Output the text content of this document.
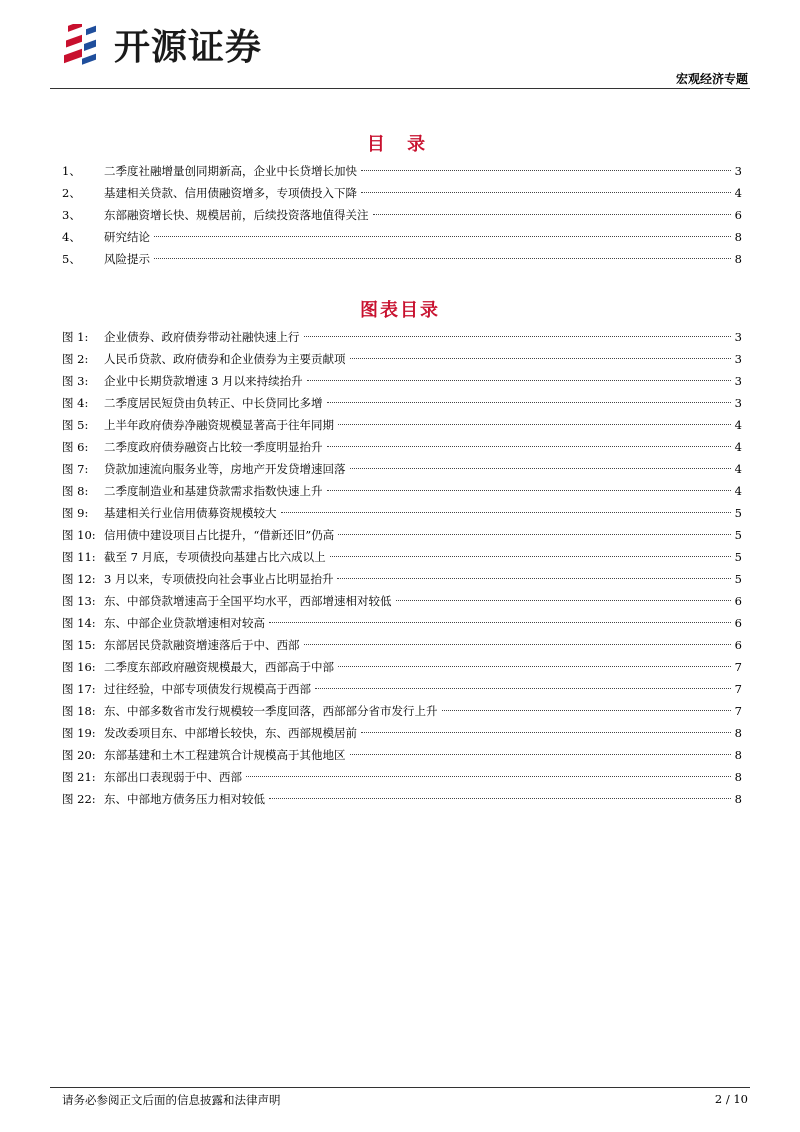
开源证券
宏观经济专题
目 录
1、	二季度社融增量创同期新高，企业中长贷增长加快	3
2、	基建相关贷款、信用债融资增多，专项债投入下降	4
3、	东部融资增长快、规模居前，后续投资落地值得关注	6
4、	研究结论	8
5、	风险提示	8
图表目录
图 1:	企业债券、政府债券带动社融快速上行	3
图 2:	人民币贷款、政府债券和企业债券为主要贡献项	3
图 3:	企业中长期贷款增速 3 月以来持续抬升	3
图 4:	二季度居民短贷由负转正、中长贷同比多增	3
图 5:	上半年政府债券净融资规模显著高于往年同期	4
图 6:	二季度政府债券融资占比较一季度明显抬升	4
图 7:	贷款加速流向服务业等，房地产开发贷增速回落	4
图 8:	二季度制造业和基建贷款需求指数快速上升	4
图 9:	基建相关行业信用债募资规模较大	5
图 10: 信用债中建设项目占比提升，“借新还旧”仍高	5
图 11: 截至 7 月底，专项债投向基建占比六成以上	5
图 12: 3 月以来，专项债投向社会事业占比明显抬升	5
图 13: 东、中部贷款增速高于全国平均水平，西部增速相对较低	6
图 14: 东、中部企业贷款增速相对较高	6
图 15: 东部居民贷款融资增速落后于中、西部	6
图 16: 二季度东部政府融资规模最大，西部高于中部	7
图 17: 过往经验，中部专项债发行规模高于西部	7
图 18: 东、中部多数省市发行规模较一季度回落，西部部分省市发行上升	7
图 19: 发改委项目东、中部增长较快，东、西部规模居前	8
图 20: 东部基建和土木工程建筑合计规模高于其他地区	8
图 21: 东部出口表现弱于中、西部	8
图 22: 东、中部地方债务压力相对较低	8
请务必参阅正文后面的信息披露和法律声明	2 / 10
